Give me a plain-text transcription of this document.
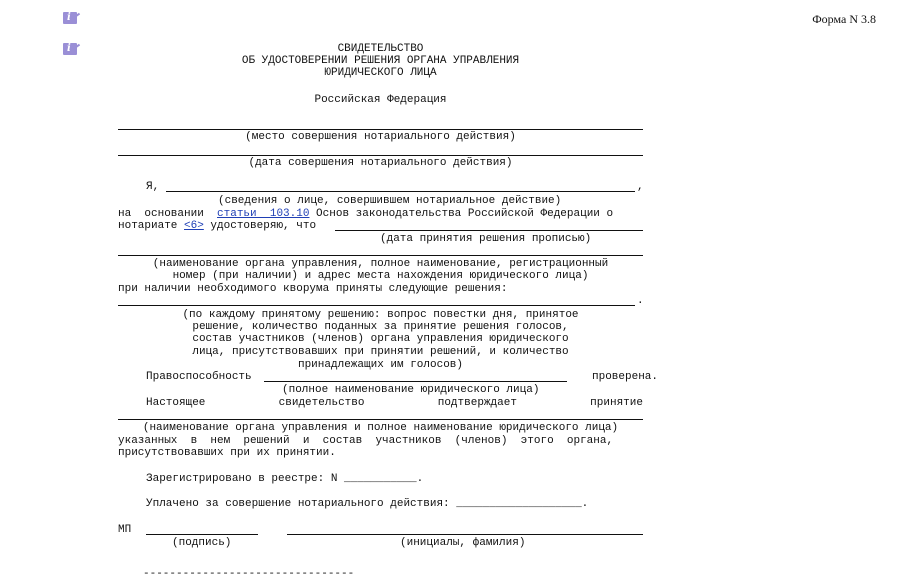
i
i
Форма N 3.8
СВИДЕТЕЛЬСТВО
ОБ УДОСТОВЕРЕНИИ РЕШЕНИЯ ОРГАНА УПРАВЛЕНИЯ
ЮРИДИЧЕСКОГО ЛИЦА
Российская Федерация
(место совершения нотариального действия)
(дата совершения нотариального действия)
Я,	,
(сведения о лице, совершившем нотариальное действие)
на  основании  статьи  103.10 Основ законодательства Российской Федерации о
нотариате <6> удостоверяю, что
(дата принятия решения прописью)
(наименование органа управления, полное наименование, регистрационный
номер (при наличии) и адрес места нахождения юридического лица)
при наличии необходимого кворума приняты следующие решения:
.
(по каждому принятому решению: вопрос повестки дня, принятое
решение, количество поданных за принятие решения голосов,
состав участников (членов) органа управления юридического
лица, присутствовавших при принятии решений, и количество
принадлежащих им голосов)
Правоспособность	проверена.
(полное наименование юридического лица)
Настоящее	свидетельство	подтверждает	принятие
(наименование органа управления и полное наименование юридического лица)
указанных  в  нем  решений  и  состав  участников  (членов)  этого  органа,
присутствовавших при их принятии.
Зарегистрировано в реестре: N ___________.
Уплачено за совершение нотариального действия: ___________________.
МП
(подпись)	(инициалы, фамилия)
--------------------------------
